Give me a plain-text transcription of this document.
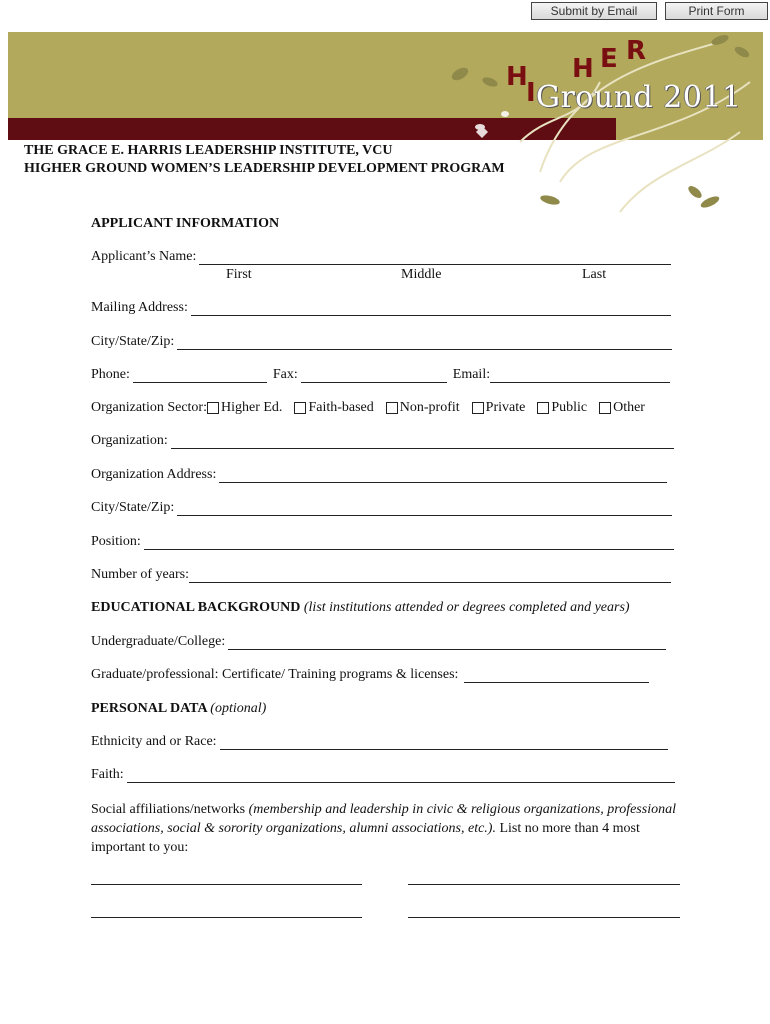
Submit by Email	Print Form
H
I
H E R
Ground 2011
THE GRACE E. HARRIS LEADERSHIP INSTITUTE, VCU
HIGHER GROUND WOMEN’S LEADERSHIP DEVELOPMENT PROGRAM
APPLICANT INFORMATION
Applicant’s Name:
First	Middle	Last
Mailing Address:
City/State/Zip:
Phone:	Fax:	Email:
Organization Sector: Higher Ed. Faith-based Non-profit Private Public Other
Organization:
Organization Address:
City/State/Zip:
Position:
Number of years:
EDUCATIONAL BACKGROUND (list institutions attended or degrees completed and years)
Undergraduate/College:
Graduate/professional: Certificate/ Training programs & licenses:
PERSONAL DATA (optional)
Ethnicity and or Race:
Faith:
Social affiliations/networks (membership and leadership in civic & religious organizations, professional associations, social & sorority organizations, alumni associations, etc.). List no more than 4 most important to you:
